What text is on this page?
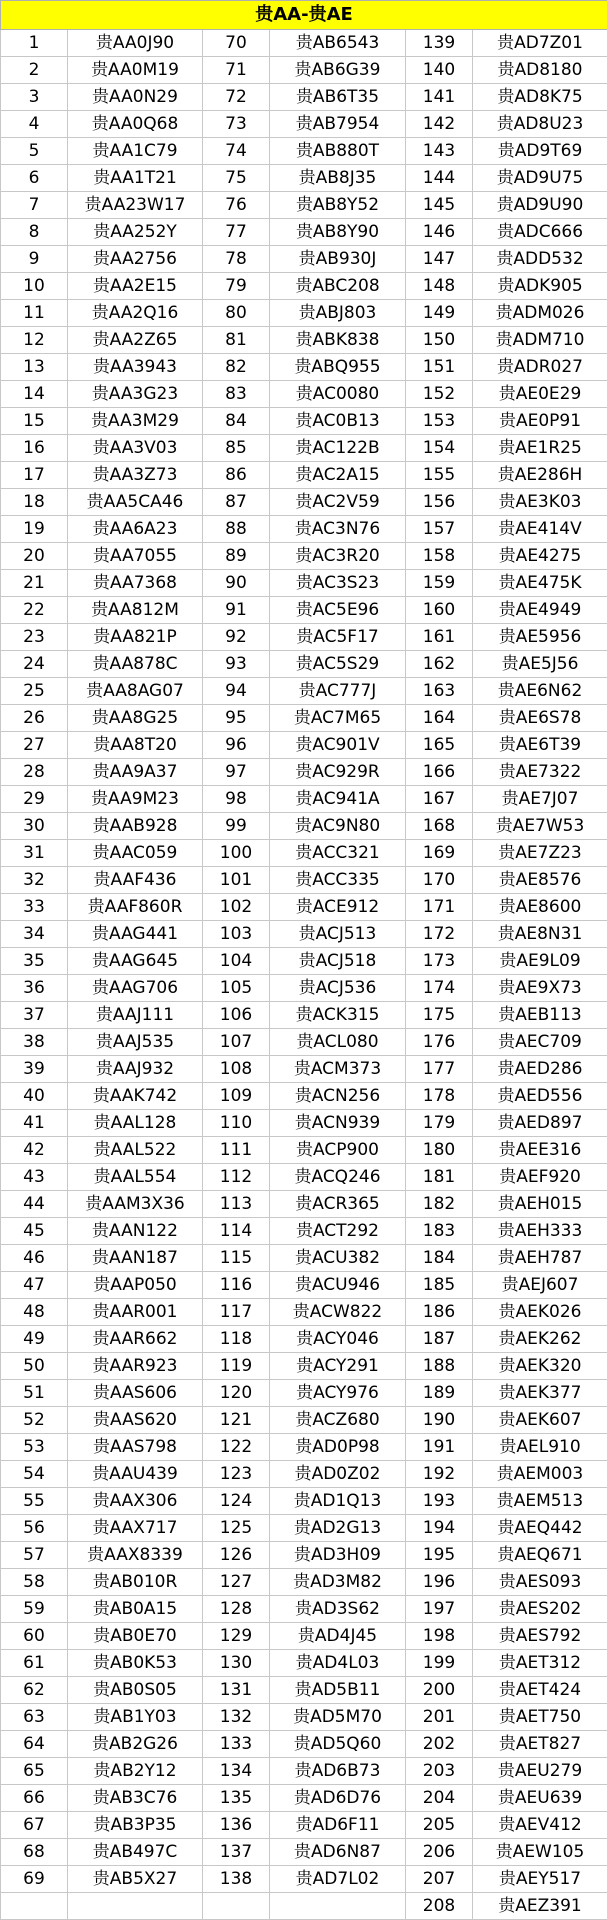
贵AA-贵AE					
1	贵AA0J90	70	贵AB6543	139	贵AD7Z01
2	贵AA0M19	71	贵AB6G39	140	贵AD8180
3	贵AA0N29	72	贵AB6T35	141	贵AD8K75
4	贵AA0Q68	73	贵AB7954	142	贵AD8U23
5	贵AA1C79	74	贵AB880T	143	贵AD9T69
6	贵AA1T21	75	贵AB8J35	144	贵AD9U75
7	贵AA23W17	76	贵AB8Y52	145	贵AD9U90
8	贵AA252Y	77	贵AB8Y90	146	贵ADC666
9	贵AA2756	78	贵AB930J	147	贵ADD532
10	贵AA2E15	79	贵ABC208	148	贵ADK905
11	贵AA2Q16	80	贵ABJ803	149	贵ADM026
12	贵AA2Z65	81	贵ABK838	150	贵ADM710
13	贵AA3943	82	贵ABQ955	151	贵ADR027
14	贵AA3G23	83	贵AC0080	152	贵AE0E29
15	贵AA3M29	84	贵AC0B13	153	贵AE0P91
16	贵AA3V03	85	贵AC122B	154	贵AE1R25
17	贵AA3Z73	86	贵AC2A15	155	贵AE286H
18	贵AA5CA46	87	贵AC2V59	156	贵AE3K03
19	贵AA6A23	88	贵AC3N76	157	贵AE414V
20	贵AA7055	89	贵AC3R20	158	贵AE4275
21	贵AA7368	90	贵AC3S23	159	贵AE475K
22	贵AA812M	91	贵AC5E96	160	贵AE4949
23	贵AA821P	92	贵AC5F17	161	贵AE5956
24	贵AA878C	93	贵AC5S29	162	贵AE5J56
25	贵AA8AG07	94	贵AC777J	163	贵AE6N62
26	贵AA8G25	95	贵AC7M65	164	贵AE6S78
27	贵AA8T20	96	贵AC901V	165	贵AE6T39
28	贵AA9A37	97	贵AC929R	166	贵AE7322
29	贵AA9M23	98	贵AC941A	167	贵AE7J07
30	贵AAB928	99	贵AC9N80	168	贵AE7W53
31	贵AAC059	100	贵ACC321	169	贵AE7Z23
32	贵AAF436	101	贵ACC335	170	贵AE8576
33	贵AAF860R	102	贵ACE912	171	贵AE8600
34	贵AAG441	103	贵ACJ513	172	贵AE8N31
35	贵AAG645	104	贵ACJ518	173	贵AE9L09
36	贵AAG706	105	贵ACJ536	174	贵AE9X73
37	贵AAJ111	106	贵ACK315	175	贵AEB113
38	贵AAJ535	107	贵ACL080	176	贵AEC709
39	贵AAJ932	108	贵ACM373	177	贵AED286
40	贵AAK742	109	贵ACN256	178	贵AED556
41	贵AAL128	110	贵ACN939	179	贵AED897
42	贵AAL522	111	贵ACP900	180	贵AEE316
43	贵AAL554	112	贵ACQ246	181	贵AEF920
44	贵AAM3X36	113	贵ACR365	182	贵AEH015
45	贵AAN122	114	贵ACT292	183	贵AEH333
46	贵AAN187	115	贵ACU382	184	贵AEH787
47	贵AAP050	116	贵ACU946	185	贵AEJ607
48	贵AAR001	117	贵ACW822	186	贵AEK026
49	贵AAR662	118	贵ACY046	187	贵AEK262
50	贵AAR923	119	贵ACY291	188	贵AEK320
51	贵AAS606	120	贵ACY976	189	贵AEK377
52	贵AAS620	121	贵ACZ680	190	贵AEK607
53	贵AAS798	122	贵AD0P98	191	贵AEL910
54	贵AAU439	123	贵AD0Z02	192	贵AEM003
55	贵AAX306	124	贵AD1Q13	193	贵AEM513
56	贵AAX717	125	贵AD2G13	194	贵AEQ442
57	贵AAX8339	126	贵AD3H09	195	贵AEQ671
58	贵AB010R	127	贵AD3M82	196	贵AES093
59	贵AB0A15	128	贵AD3S62	197	贵AES202
60	贵AB0E70	129	贵AD4J45	198	贵AES792
61	贵AB0K53	130	贵AD4L03	199	贵AET312
62	贵AB0S05	131	贵AD5B11	200	贵AET424
63	贵AB1Y03	132	贵AD5M70	201	贵AET750
64	贵AB2G26	133	贵AD5Q60	202	贵AET827
65	贵AB2Y12	134	贵AD6B73	203	贵AEU279
66	贵AB3C76	135	贵AD6D76	204	贵AEU639
67	贵AB3P35	136	贵AD6F11	205	贵AEV412
68	贵AB497C	137	贵AD6N87	206	贵AEW105
69	贵AB5X27	138	贵AD7L02	207	贵AEY517
				208	贵AEZ391
